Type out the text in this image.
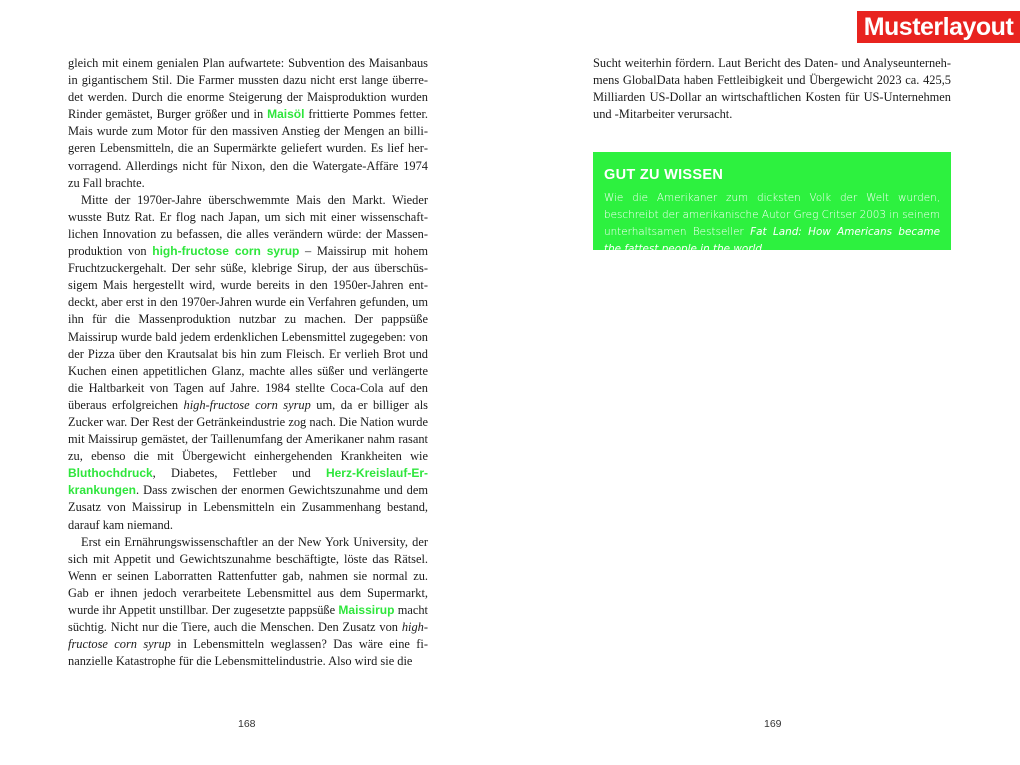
Musterlayout

gleich mit einem genialen Plan aufwartete: Subvention des Maisanbaus in gigantischem Stil. Die Farmer mussten dazu nicht erst lange überredet werden. Durch die enorme Steigerung der Maisproduktion wurden Rinder gemästet, Burger größer und in Maisöl frittierte Pommes fetter. Mais wurde zum Motor für den massiven Anstieg der Mengen an billigeren Lebensmitteln, die an Supermärkte geliefert wurden. Es lief hervorragend. Allerdings nicht für Nixon, den die Watergate-Affäre 1974 zu Fall brachte.

Mitte der 1970er-Jahre überschwemmte Mais den Markt. Wieder wusste Butz Rat. Er flog nach Japan, um sich mit einer wissenschaftlichen Innovation zu befassen, die alles verändern würde: der Massenproduktion von high-fructose corn syrup – Maissirup mit hohem Fruchtzuckergehalt. Der sehr süße, klebrige Sirup, der aus überschüssigem Mais hergestellt wird, wurde bereits in den 1950er-Jahren entdeckt, aber erst in den 1970er-Jahren wurde ein Verfahren gefunden, um ihn für die Massenproduktion nutzbar zu machen. Der pappsüße Maissirup wurde bald jedem erdenklichen Lebensmittel zugegeben: von der Pizza über den Krautsalat bis hin zum Fleisch. Er verlieh Brot und Kuchen einen appetitlichen Glanz, machte alles süßer und verlängerte die Haltbarkeit von Tagen auf Jahre. 1984 stellte Coca-Cola auf den überaus erfolgreichen high-fructose corn syrup um, da er billiger als Zucker war. Der Rest der Getränkeindustrie zog nach. Die Nation wurde mit Maissirup gemästet, der Taillenumfang der Amerikaner nahm rasant zu, ebenso die mit Übergewicht einhergehenden Krankheiten wie Bluthochdruck, Diabetes, Fettleber und Herz-Kreislauf-Erkrankungen. Dass zwischen der enormen Gewichtszunahme und dem Zusatz von Maissirup in Lebensmitteln ein Zusammenhang bestand, darauf kam niemand.

Erst ein Ernährungswissenschaftler an der New York University, der sich mit Appetit und Gewichtszunahme beschäftigte, löste das Rätsel. Wenn er seinen Laborratten Rattenfutter gab, nahmen sie normal zu. Gab er ihnen jedoch verarbeitete Lebensmittel aus dem Supermarkt, wurde ihr Appetit unstillbar. Der zugesetzte pappsüße Maissirup macht süchtig. Nicht nur die Tiere, auch die Menschen. Den Zusatz von high-fructose corn syrup in Lebensmitteln weglassen? Das wäre eine finanzielle Katastrophe für die Lebensmittelindustrie. Also wird sie die

Sucht weiterhin fördern. Laut Bericht des Daten- und Analyseunternehmens GlobalData haben Fettleibigkeit und Übergewicht 2023 ca. 425,5 Milliarden US-Dollar an wirtschaftlichen Kosten für US-Unternehmen und -Mitarbeiter verursacht.

GUT ZU WISSEN

Wie die Amerikaner zum dicksten Volk der Welt wurden, beschreibt der amerikanische Autor Greg Critser 2003 in seinem unterhaltsamen Bestseller Fat Land: How Americans became the fattest people in the world.

168	169
